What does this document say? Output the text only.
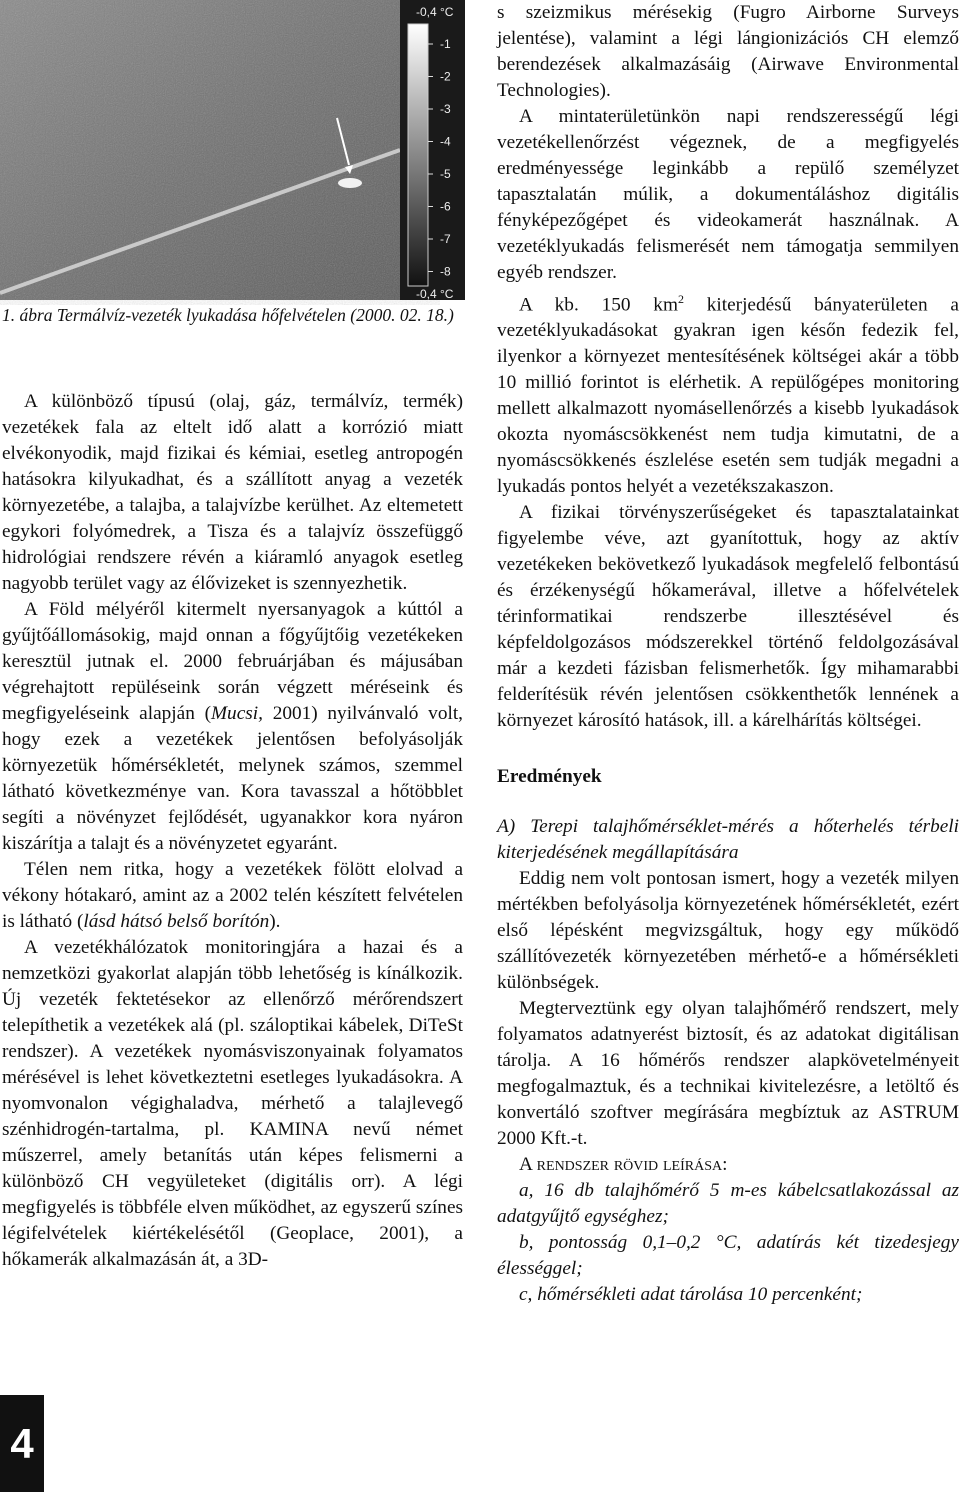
-0,4 °C
-0,4 °C
-1
-2
-3
-4
-5
-6
-7
-8
1. ábra Termálvíz-vezeték lyukadása hőfelvételen (2000. 02. 18.)

A különböző típusú (olaj, gáz, termálvíz, termék) vezetékek fala az eltelt idő alatt a korrózió miatt elvékonyodik, majd fizikai és kémiai, esetleg antropogén hatásokra kilyukadhat, és a szállított anyag a vezeték környezetébe, a talajba, a talajvízbe kerülhet. Az eltemetett egykori folyómedrek, a Tisza és a talajvíz összefüggő hidrológiai rendszere révén a kiáramló anyagok esetleg nagyobb terület vagy az élővizeket is szennyezhetik.

A Föld mélyéről kitermelt nyersanyagok a kúttól a gyűjtőállomásokig, majd onnan a főgyűjtőig vezetékeken keresztül jutnak el. 2000 februárjában és májusában végrehajtott repüléseink során végzett méréseink és megfigyeléseink alapján (Mucsi, 2001) nyilvánvaló volt, hogy ezek a vezetékek jelentősen befolyásolják környezetük hőmérsékletét, melynek számos, szemmel látható következménye van. Kora tavasszal a hőtöbblet segíti a növényzet fejlődését, ugyanakkor kora nyáron kiszárítja a talajt és a növényzetet egyaránt.

Télen nem ritka, hogy a vezetékek fölött elolvad a vékony hótakaró, amint az a 2002 telén készített felvételen is látható (lásd hátsó belső borítón).

A vezetékhálózatok monitoringjára a hazai és a nemzetközi gyakorlat alapján több lehetőség is kínálkozik. Új vezeték fektetésekor az ellenőrző mérőrendszert telepíthetik a vezetékek alá (pl. száloptikai kábelek, DiTeSt rendszer). A vezetékek nyomásviszonyainak folyamatos mérésével is lehet következtetni esetleges lyukadásokra. A nyomvonalon végighaladva, mérhető a talajlevegő szénhidrogén-tartalma, pl. KAMINA nevű német műszerrel, amely betanítás után képes felismerni a különböző CH vegyületeket (digitális orr). A légi megfigyelés is többféle elven működhet, az egyszerű színes légifelvételek kiértékelésétől (Geoplace, 2001), a hőkamerák alkalmazásán át, a 3D-

s szeizmikus mérésekig (Fugro Airborne Surveys jelentése), valamint a légi lángionizációs CH elemző berendezések alkalmazásáig (Airwave Environmental Technologies).

A mintaterületünkön napi rendszerességű légi vezetékellenőrzést végeznek, de a megfigyelés eredményessége leginkább a repülő személyzet tapasztalatán múlik, a dokumentáláshoz digitális fényképezőgépet és videokamerát használnak. A vezetéklyukadás felismerését nem támogatja semmilyen egyéb rendszer.

A kb. 150 $km^2$ kiterjedésű bányaterületen a vezetéklyukadásokat gyakran igen későn fedezik fel, ilyenkor a környezet mentesítésének költségei akár a több 10 millió forintot is elérhetik. A repülőgépes monitoring mellett alkalmazott nyomásellenőrzés a kisebb lyukadások okozta nyomáscsökkenést nem tudja kimutatni, de a nyomáscsökkenés észlelése esetén sem tudják megadni a lyukadás pontos helyét a vezetékszakaszon.

A fizikai törvényszerűségeket és tapasztalatainkat figyelembe véve, azt gyanítottuk, hogy az aktív vezetékeken bekövetkező lyukadások megfelelő felbontású és érzékenységű hőkamerával, illetve a hőfelvételek térinformatikai rendszerbe illesztésével és képfeldolgozásos módszerekkel történő feldolgozásával már a kezdeti fázisban felismerhetők. Így mihamarabbi felderítésük révén jelentősen csökkenthetők lennének a környezet károsító hatások, ill. a kárelhárítás költségei.

Eredmények

A) Terepi talajhőmérséklet-mérés a hőterhelés térbeli kiterjedésének megállapítására

Eddig nem volt pontosan ismert, hogy a vezeték milyen mértékben befolyásolja környezetének hőmérsékletét, ezért első lépésként megvizsgáltuk, hogy egy működő szállítóvezeték környezetében mérhető-e a hőmérsékleti különbségek.

Megterveztünk egy olyan talajhőmérő rendszert, mely folyamatos adatnyerést biztosít, és az adatokat digitálisan tárolja. A 16 hőmérős rendszer alapkövetelményeit megfogalmaztuk, és a technikai kivitelezésre, a letöltő és konvertáló szoftver megírására megbíztuk az ASTRUM 2000 Kft.-t.

A rendszer rövid leírása:

a, 16 db talajhőmérő 5 m-es kábelcsatlakozással az adatgyűjtő egységhez;

b, pontosság 0,1–0,2 °C, adatírás két tizedesjegy élességgel;

c, hőmérsékleti adat tárolása 10 percenként;

4
